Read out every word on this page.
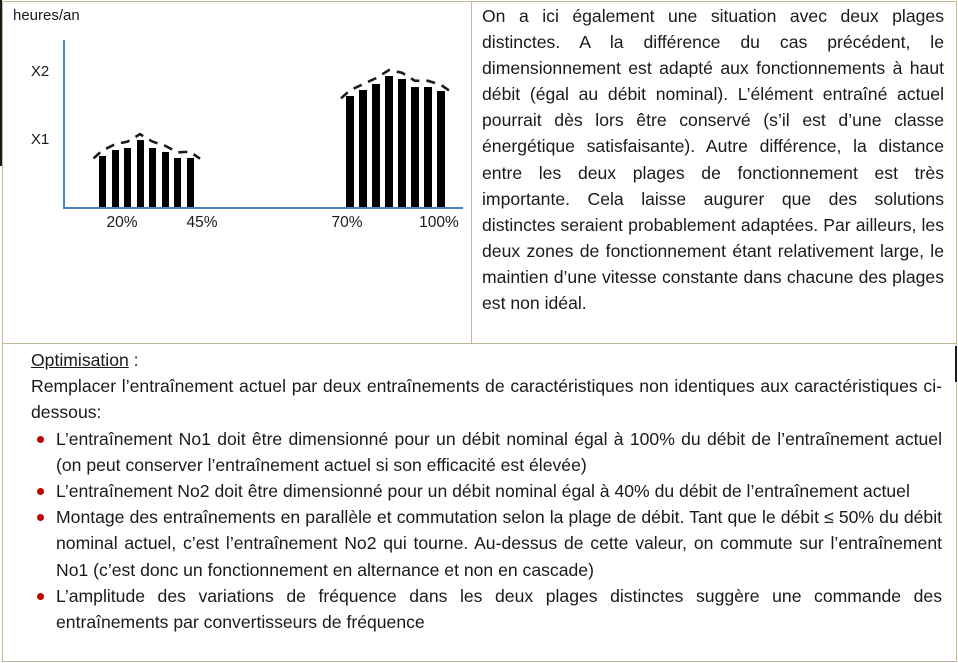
heures/an
X2
X1
20%	45%	70%	100%

On a ici également une situation avec deux plages distinctes. A la différence du cas précédent, le dimensionnement est adapté aux fonctionnements à haut débit (égal au débit nominal). L’élément entraîné actuel pourrait dès lors être conservé (s’il est d’une classe énergétique satisfaisante). Autre différence, la distance entre les deux plages de fonctionnement est très importante. Cela laisse augurer que des solutions distinctes seraient probablement adaptées. Par ailleurs, les deux zones de fonctionnement étant relativement large, le maintien d’une vitesse constante dans chacune des plages est non idéal.

Optimisation :

Remplacer l’entraînement actuel par deux entraînements de caractéristiques non identiques aux caractéristiques ci-dessous:

L’entraînement No1 doit être dimensionné pour un débit nominal égal à 100% du débit de l’entraînement actuel (on peut conserver l’entraînement actuel si son efficacité est élevée)
L’entraînement No2 doit être dimensionné pour un débit nominal égal à 40% du débit de l’entraînement actuel
Montage des entraînements en parallèle et commutation selon la plage de débit. Tant que le débit ≤ 50% du débit nominal actuel, c’est l’entraînement No2 qui tourne. Au-dessus de cette valeur, on commute sur l’entraînement No1 (c’est donc un fonctionnement en alternance et non en cascade)
L’amplitude des variations de fréquence dans les deux plages distinctes suggère une commande des entraînements par convertisseurs de fréquence
